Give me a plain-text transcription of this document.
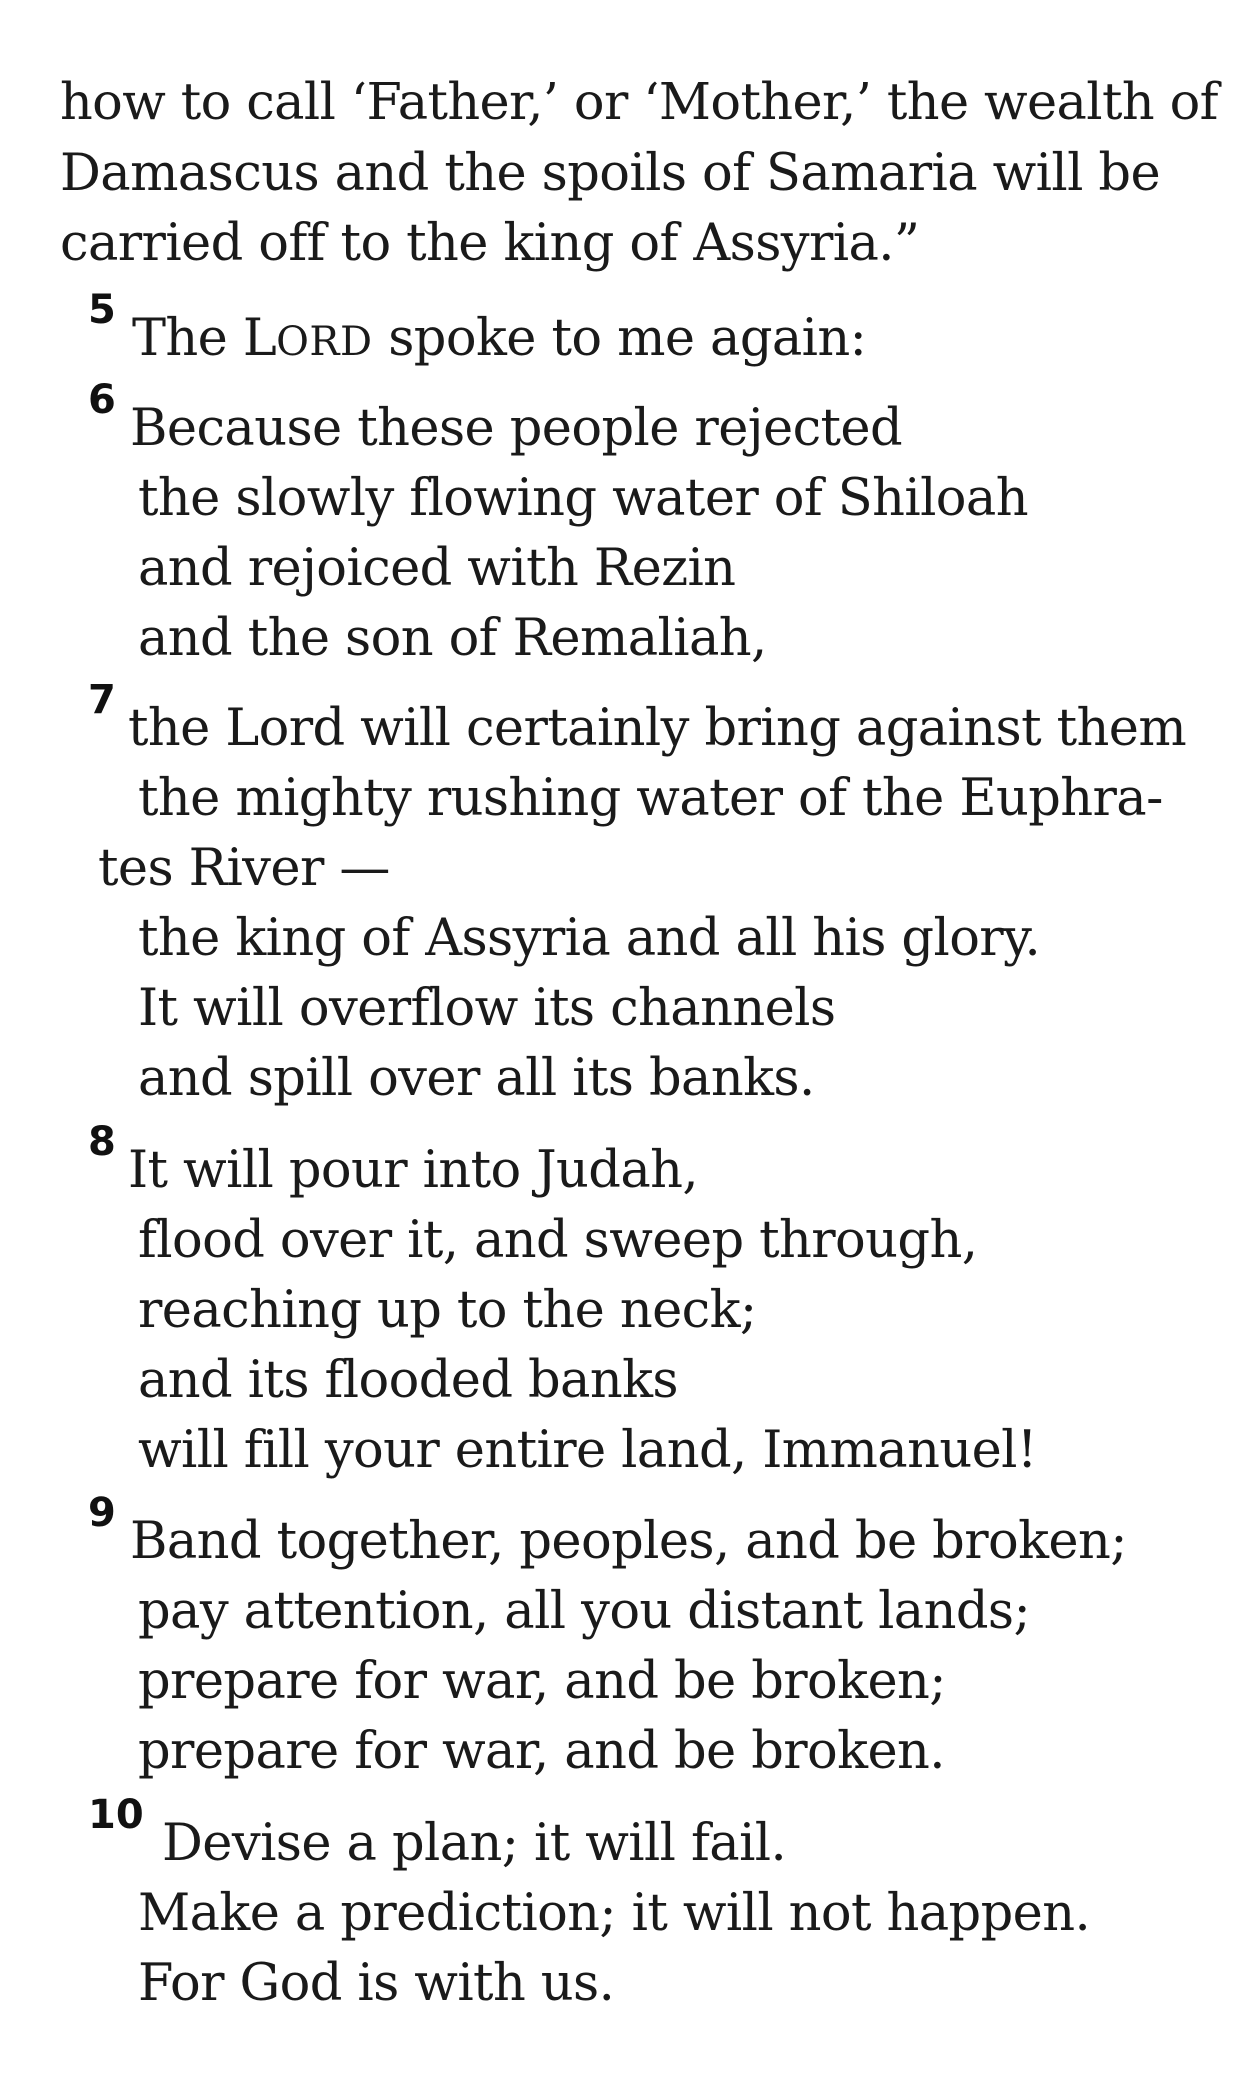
how to call ‘Father,’ or ‘Mother,’ the wealth of
Damascus and the spoils of Samaria will be
carried off to the king of Assyria.”
5 The LORD spoke to me again:
6 Because these people rejected
the slowly flowing water of Shiloah
and rejoiced with Rezin
and the son of Remaliah,
7 the Lord will certainly bring against them
the mighty rushing water of the Euphra-
tes River —
the king of Assyria and all his glory.
It will overflow its channels
and spill over all its banks.
8 It will pour into Judah,
flood over it, and sweep through,
reaching up to the neck;
and its flooded banks
will fill your entire land, Immanuel!
9 Band together, peoples, and be broken;
pay attention, all you distant lands;
prepare for war, and be broken;
prepare for war, and be broken.
10 Devise a plan; it will fail.
Make a prediction; it will not happen.
For God is with us.
